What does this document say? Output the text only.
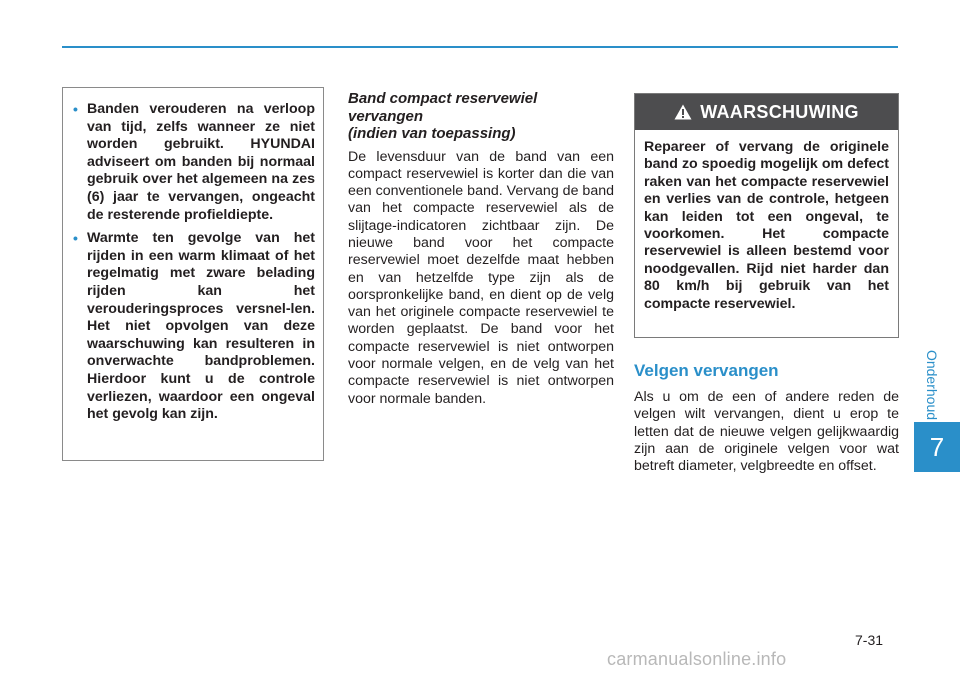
Onderhoud
7
• Banden verouderen na verloop van tijd, zelfs wanneer ze niet worden gebruikt. HYUNDAI adviseert om banden bij normaal gebruik over het algemeen na zes (6) jaar te vervangen, ongeacht de resterende profieldiepte.
• Warmte ten gevolge van het rijden in een warm klimaat of het regelmatig met zware belading rijden kan het verouderingsproces versnel-len. Het niet opvolgen van deze waarschuwing kan resulteren in onverwachte bandproblemen. Hierdoor kunt u de controle verliezen, waardoor een ongeval het gevolg kan zijn.
Band compact reservewiel
vervangen
(indien van toepassing)

De levensduur van de band van een compact reservewiel is korter dan die van een conventionele band. Vervang de band van het compacte reservewiel als de slijtage-indicatoren zichtbaar zijn. De nieuwe band voor het compacte reservewiel moet dezelfde maat hebben en van hetzelfde type zijn als de oorspronkelijke band, en dient op de velg van het originele compacte reservewiel te worden geplaatst. De band voor het compacte reservewiel is niet ontworpen voor normale velgen, en de velg van het compacte reservewiel is niet ontworpen voor normale banden.

WAARSCHUWING
Repareer of vervang de originele band zo spoedig mogelijk om defect raken van het compacte reservewiel en verlies van de controle, hetgeen kan leiden tot een ongeval, te voorkomen. Het compacte reservewiel is alleen bestemd voor noodgevallen. Rijd niet harder dan 80 km/h bij gebruik van het compacte reservewiel.
Velgen vervangen

Als u om de een of andere reden de velgen wilt vervangen, dient u erop te letten dat de nieuwe velgen gelijkwaardig zijn aan de originele velgen voor wat betreft diameter, velgbreedte en offset.

7-31
carmanualsonline.info
